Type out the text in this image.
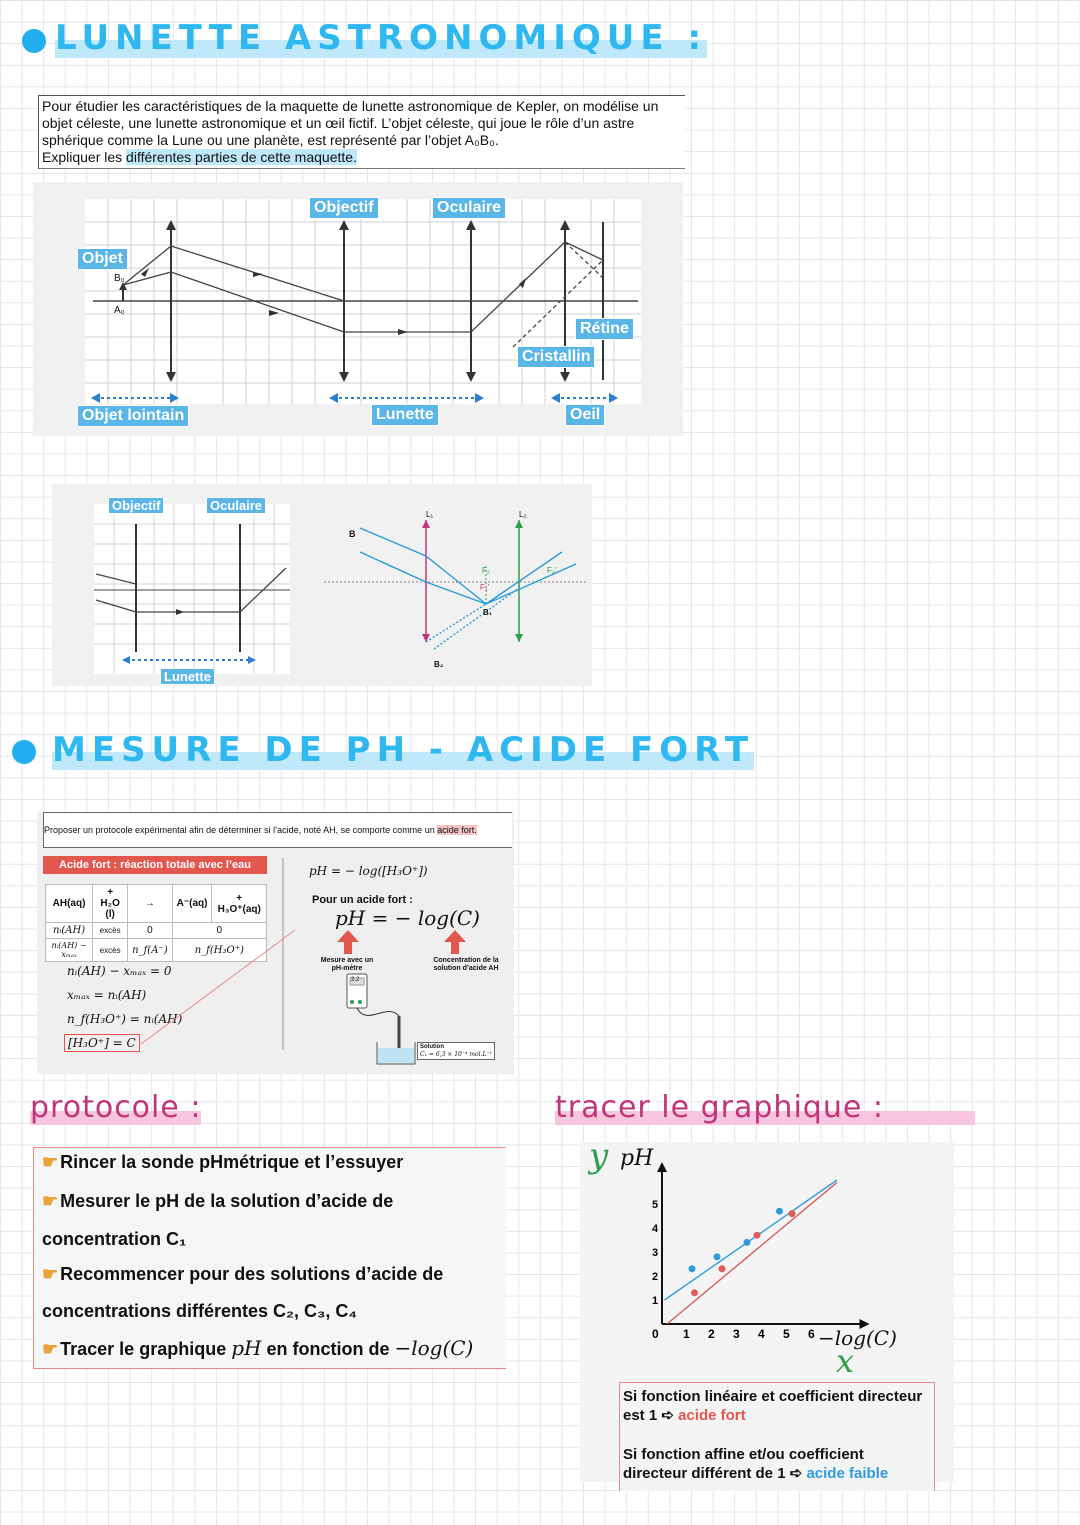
LUNETTE ASTRONOMIQUE :
Pour étudier les caractéristiques de la maquette de lunette astronomique de Kepler, on modélise un objet céleste, une lunette astronomique et un œil fictif. L’objet céleste, qui joue le rôle d’un astre sphérique comme la Lune ou une planète, est représenté par l’objet A₀B₀.
Expliquer les différentes parties de cette maquette.
B₀
A₀
Objet
Objectif	Oculaire
Rétine
Cristallin
Objet lointain	Lunette	Oeil
Objectif	Oculaire
Lunette
B
L₁	L₂
F₂
F₁'
B₁
F₂'
B₂
MESURE DE PH - ACIDE FORT
Proposer un protocole expérimental afin de déterminer si l’acide, noté AH, se comporte comme un acide fort.
Acide fort : réaction totale avec l’eau
AH(aq)	+ H₂O (l)	→	A⁻(aq)	+ H₃O⁺(aq)
nᵢ(AH)	excès	0	0	
nᵢ(AH) − xₘₐₓ	excès	n_f(A⁻)	n_f(H₃O⁺)	
nᵢ(AH) − xₘₐₓ = 0
xₘₐₓ = nᵢ(AH)
n_f(H₃O⁺) = nᵢ(AH)
[H₃O⁺] = C
pH = − log([H₃O⁺])
Pour un acide fort :
pH = − log(C)
Mesure avec un pH-mètre
Concentration de la solution d’acide AH
3.2
Solution
C₁ = 6,3 × 10⁻⁴ mol.L⁻¹
protocole :
☛ Rincer la sonde pHmétrique et l’essuyer
☛ Mesurer le pH de la solution d’acide de
concentration C₁
☛ Recommencer pour des solutions d’acide de
concentrations différentes C₂, C₃, C₄
☛ Tracer le graphique pH en fonction de −log(C)
tracer le graphique :
y pH
−log(C)
x
0 1 2 3 4 5 6
1
2
3
4
5
Si fonction linéaire et coefficient directeur est 1 ➪ acide fort
Si fonction affine et/ou coefficient directeur différent de 1 ➪ acide faible
